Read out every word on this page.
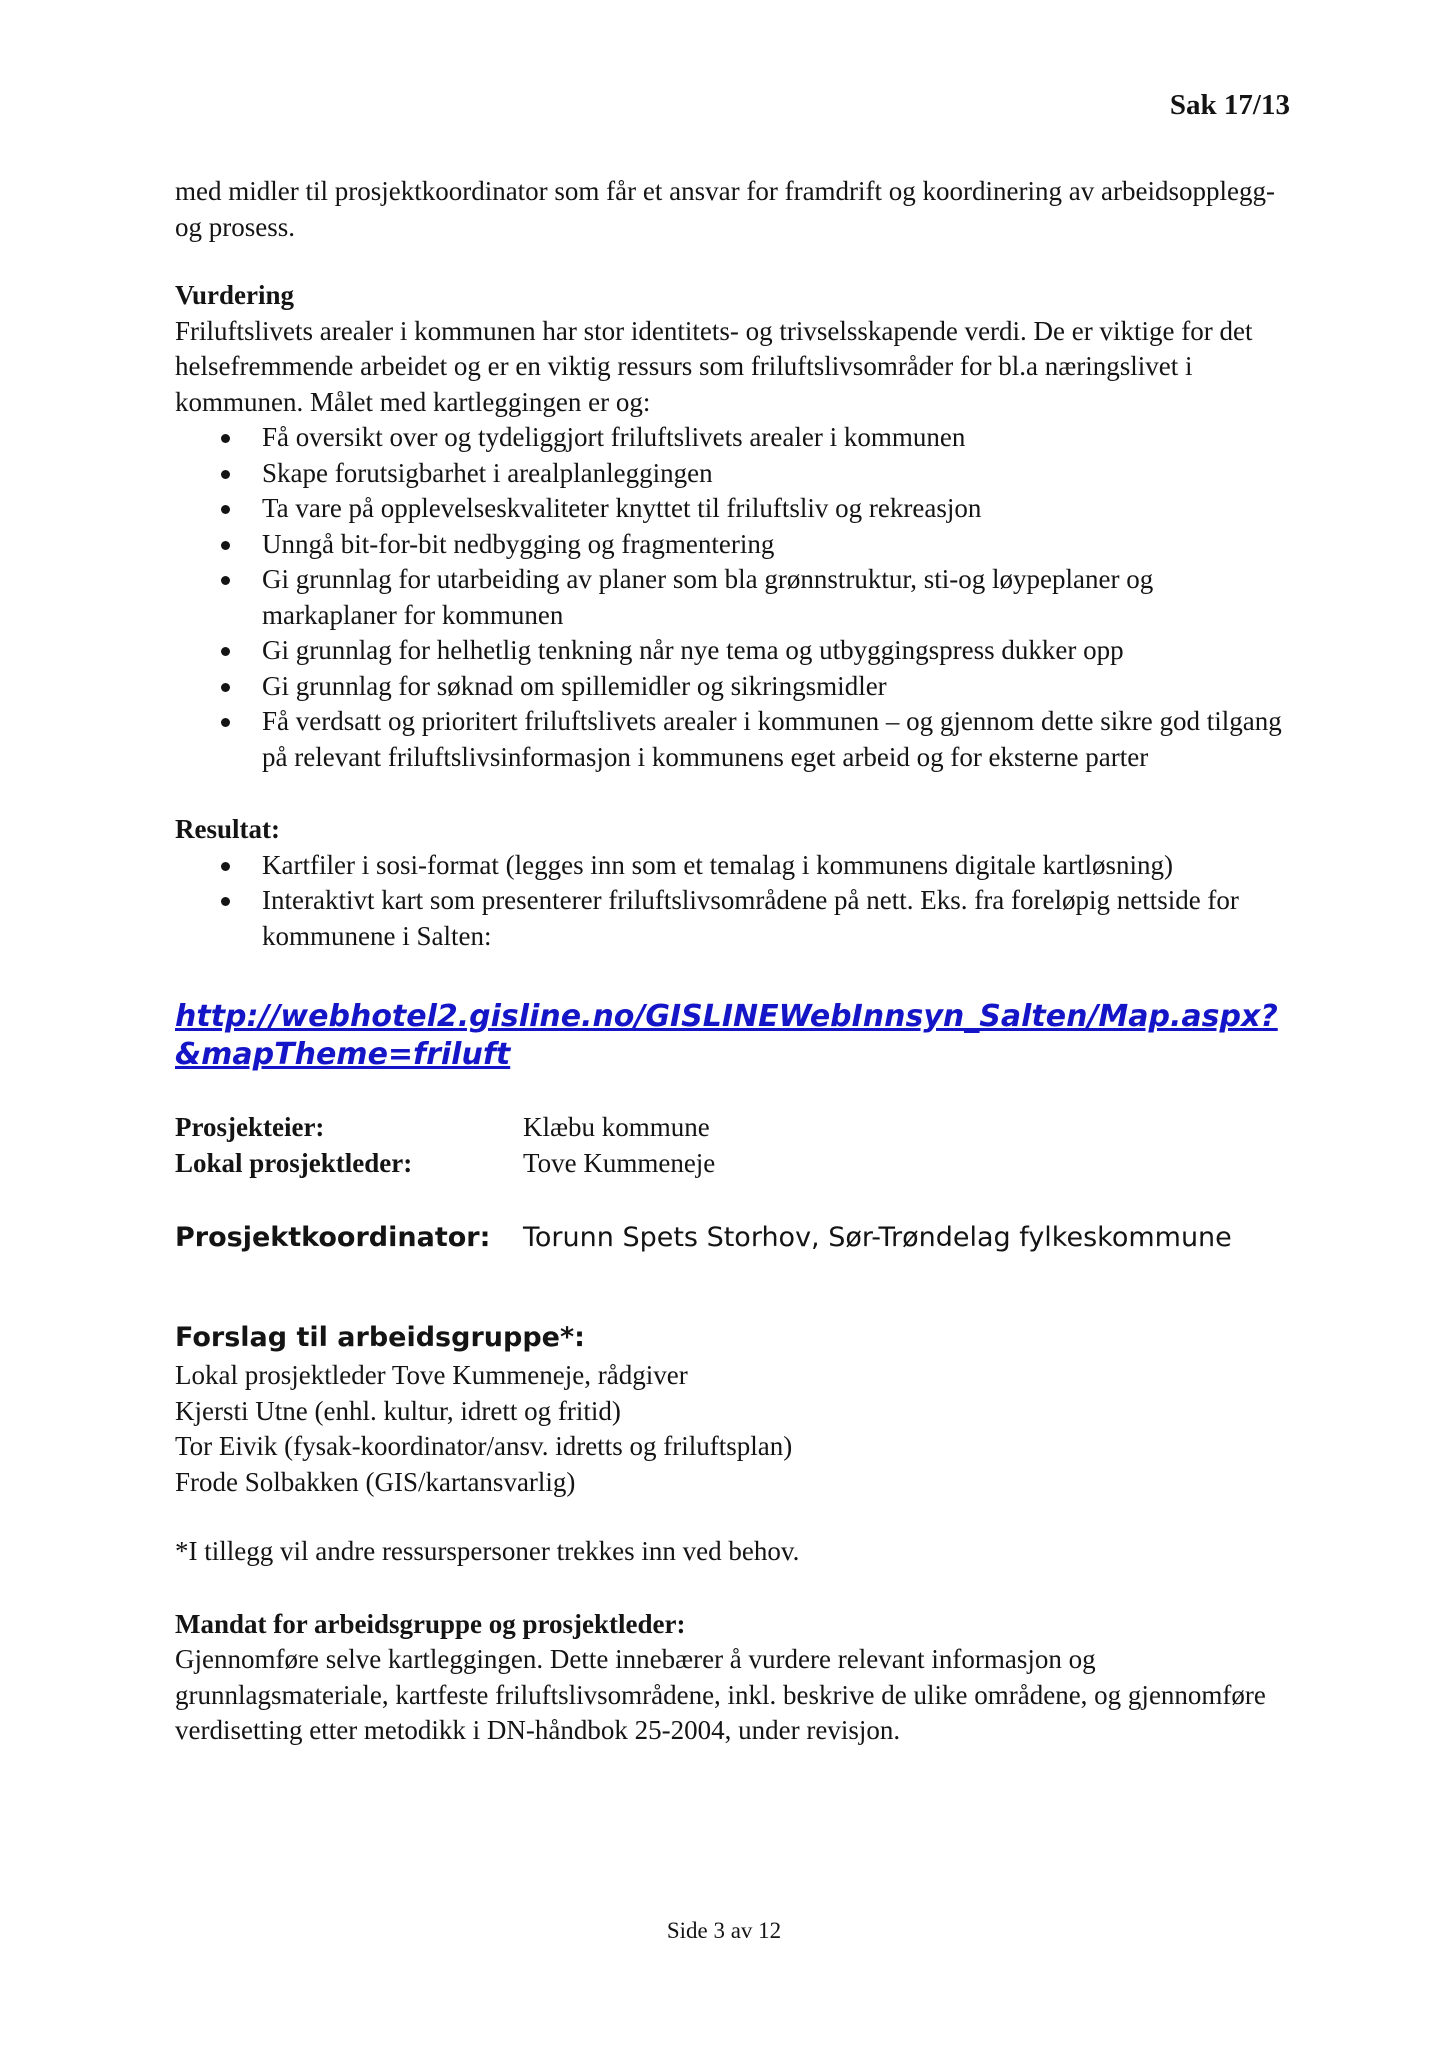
Sak 17/13

med midler til prosjektkoordinator som får et ansvar for framdrift og koordinering av arbeidsopplegg- og prosess.

Vurdering

Friluftslivets arealer i kommunen har stor identitets- og trivselsskapende verdi. De er viktige for det helsefremmende arbeidet og er en viktig ressurs som friluftslivsområder for bl.a næringslivet i kommunen. Målet med kartleggingen er og:

Få oversikt over og tydeliggjort friluftslivets arealer i kommunen
Skape forutsigbarhet i arealplanleggingen
Ta vare på opplevelseskvaliteter knyttet til friluftsliv og rekreasjon
Unngå bit-for-bit nedbygging og fragmentering
Gi grunnlag for utarbeiding av planer som bla grønnstruktur, sti-og løypeplaner og markaplaner for kommunen
Gi grunnlag for helhetlig tenkning når nye tema og utbyggingspress dukker opp
Gi grunnlag for søknad om spillemidler og sikringsmidler
Få verdsatt og prioritert friluftslivets arealer i kommunen – og gjennom dette sikre god tilgang på relevant friluftslivsinformasjon i kommunens eget arbeid og for eksterne parter

Resultat:

Kartfiler i sosi-format (legges inn som et temalag i kommunens digitale kartløsning)
Interaktivt kart som presenterer friluftslivsområdene på nett. Eks. fra foreløpig nettside for kommunene i Salten:
http://webhotel2.gisline.no/GISLINEWebInnsyn_Salten/Map.aspx?&mapTheme=friluft
Prosjekteier:	Klæbu kommune
Lokal prosjektleder:	Tove Kummeneje
Prosjektkoordinator:	Torunn Spets Storhov, Sør-Trøndelag fylkeskommune
Forslag til arbeidsgruppe*:

Lokal prosjektleder Tove Kummeneje, rådgiver

Kjersti Utne (enhl. kultur, idrett og fritid)

Tor Eivik (fysak-koordinator/ansv. idretts og friluftsplan)

Frode Solbakken (GIS/kartansvarlig)

*I tillegg vil andre ressurspersoner trekkes inn ved behov.

Mandat for arbeidsgruppe og prosjektleder:

Gjennomføre selve kartleggingen. Dette innebærer å vurdere relevant informasjon og grunnlagsmateriale, kartfeste friluftslivsområdene, inkl. beskrive de ulike områdene, og gjennomføre verdisetting etter metodikk i DN-håndbok 25-2004, under revisjon.

Side 3 av 12
